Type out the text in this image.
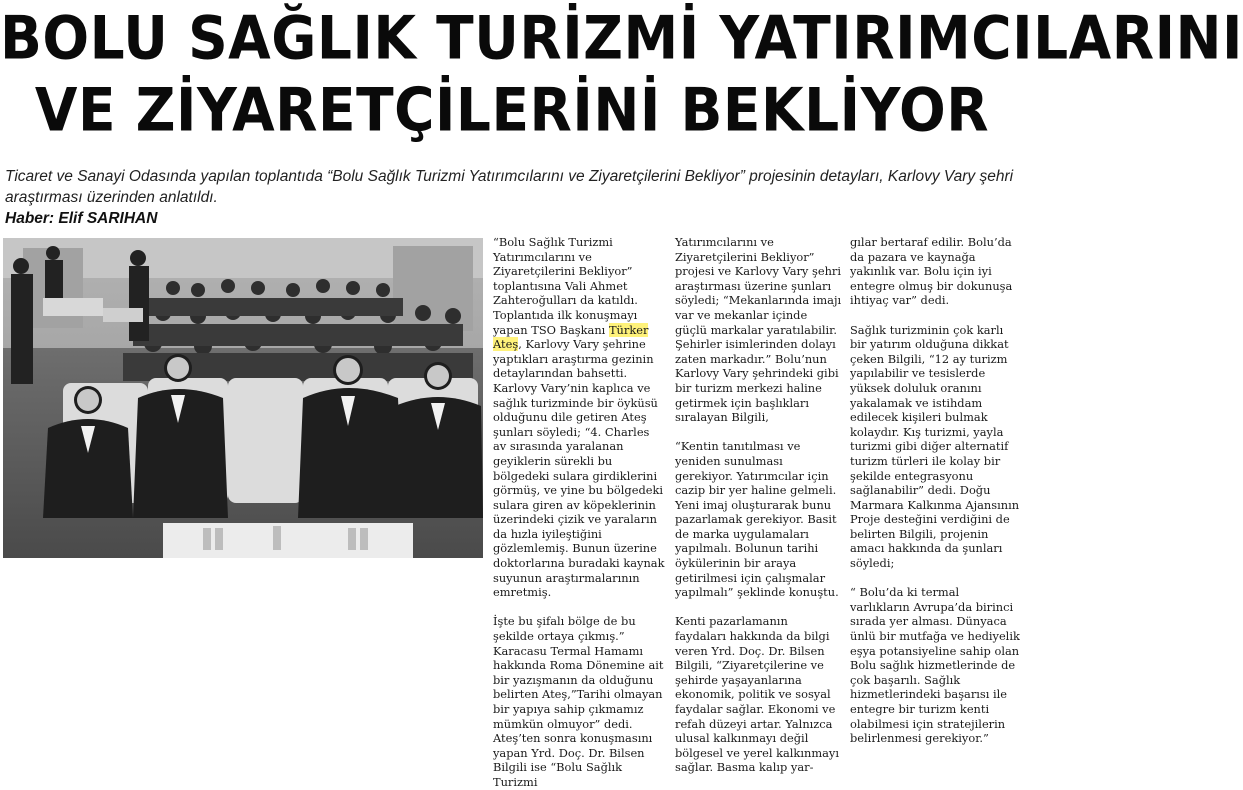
BOLU SAĞLIK TURİZMİ YATIRIMCILARINI
VE ZİYARETÇİLERİNİ BEKLİYOR
Ticaret ve Sanayi Odasında yapılan toplantıda “Bolu Sağlık Turizmi Yatırımcılarını ve Ziyaretçilerini Bekliyor” projesinin detayları, Karlovy Vary şehri araştırması üzerinden anlatıldı.
Haber: Elif SARIHAN

“Bolu Sağlık Turizmi Yatırımcılarını ve Ziyaretçilerini Bekliyor” toplantısına Vali Ahmet Zahteroğulları da katıldı. Toplantıda ilk konuşmayı yapan TSO Başkanı Türker Ateş, Karlovy Vary şehrine yaptıkları araştırma gezinin detaylarından bahsetti. Karlovy Vary’nin kaplıca ve sağlık turizminde bir öyküsü olduğunu dile getiren Ateş şunları söyledi; “4. Charles av sırasında yaralanan geyiklerin sürekli bu bölgedeki sulara girdiklerini görmüş, ve yine bu bölgedeki sulara giren av köpeklerinin üzerindeki çizik ve yaraların da hızla iyileştiğini gözlemlemiş. Bunun üzerine doktorlarına buradaki kaynak suyunun araştırmalarının emretmiş.

İşte bu şifalı bölge de bu şekilde ortaya çıkmış.” Karacasu Termal Hamamı hakkında Roma Dönemine ait bir yazışmanın da olduğunu belirten Ateş,”Tarihi olmayan bir yapıya sahip çıkmamız mümkün olmuyor” dedi. Ateş’ten sonra konuşmasını yapan Yrd. Doç. Dr. Bilsen Bilgili ise “Bolu Sağlık Turizmi

Yatırımcılarını ve Ziyaretçilerini Bekliyor” projesi ve Karlovy Vary şehri araştırması üzerine şunları söyledi; “Mekanlarında imajı var ve mekanlar içinde güçlü markalar yaratılabilir. Şehirler isimlerinden dolayı zaten markadır.” Bolu’nun Karlovy Vary şehrindeki gibi bir turizm merkezi haline getirmek için başlıkları sıralayan Bilgili,

“Kentin tanıtılması ve yeniden sunulması gerekiyor. Yatırımcılar için cazip bir yer haline gelmeli. Yeni imaj oluşturarak bunu pazarlamak gerekiyor. Basit de marka uygulamaları yapılmalı. Bolunun tarihi öykülerinin bir araya getirilmesi için çalışmalar yapılmalı” şeklinde konuştu.

Kenti pazarlamanın faydaları hakkında da bilgi veren Yrd. Doç. Dr. Bilsen Bilgili, “Ziyaretçilerine ve şehirde yaşayanlarına ekonomik, politik ve sosyal faydalar sağlar. Ekonomi ve refah düzeyi artar. Yalnızca ulusal kalkınmayı değil bölgesel ve yerel kalkınmayı sağlar. Basma kalıp yar-

gılar bertaraf edilir. Bolu’da da pazara ve kaynağa yakınlık var. Bolu için iyi entegre olmuş bir dokunuşa ihtiyaç var” dedi.

Sağlık turizminin çok karlı bir yatırım olduğuna dikkat çeken Bilgili, “12 ay turizm yapılabilir ve tesislerde yüksek doluluk oranını yakalamak ve istihdam edilecek kişileri bulmak kolaydır. Kış turizmi, yayla turizmi gibi diğer alternatif turizm türleri ile kolay bir şekilde entegrasyonu sağlanabilir” dedi. Doğu Marmara Kalkınma Ajansının Proje desteğini verdiğini de belirten Bilgili, projenin amacı hakkında da şunları söyledi;

“ Bolu’da ki termal varlıkların Avrupa’da birinci sırada yer alması. Dünyaca ünlü bir mutfağa ve hediyelik eşya potansiyeline sahip olan Bolu sağlık hizmetlerinde de çok başarılı. Sağlık hizmetlerindeki başarısı ile entegre bir turizm kenti olabilmesi için stratejilerin belirlenmesi gerekiyor.”
